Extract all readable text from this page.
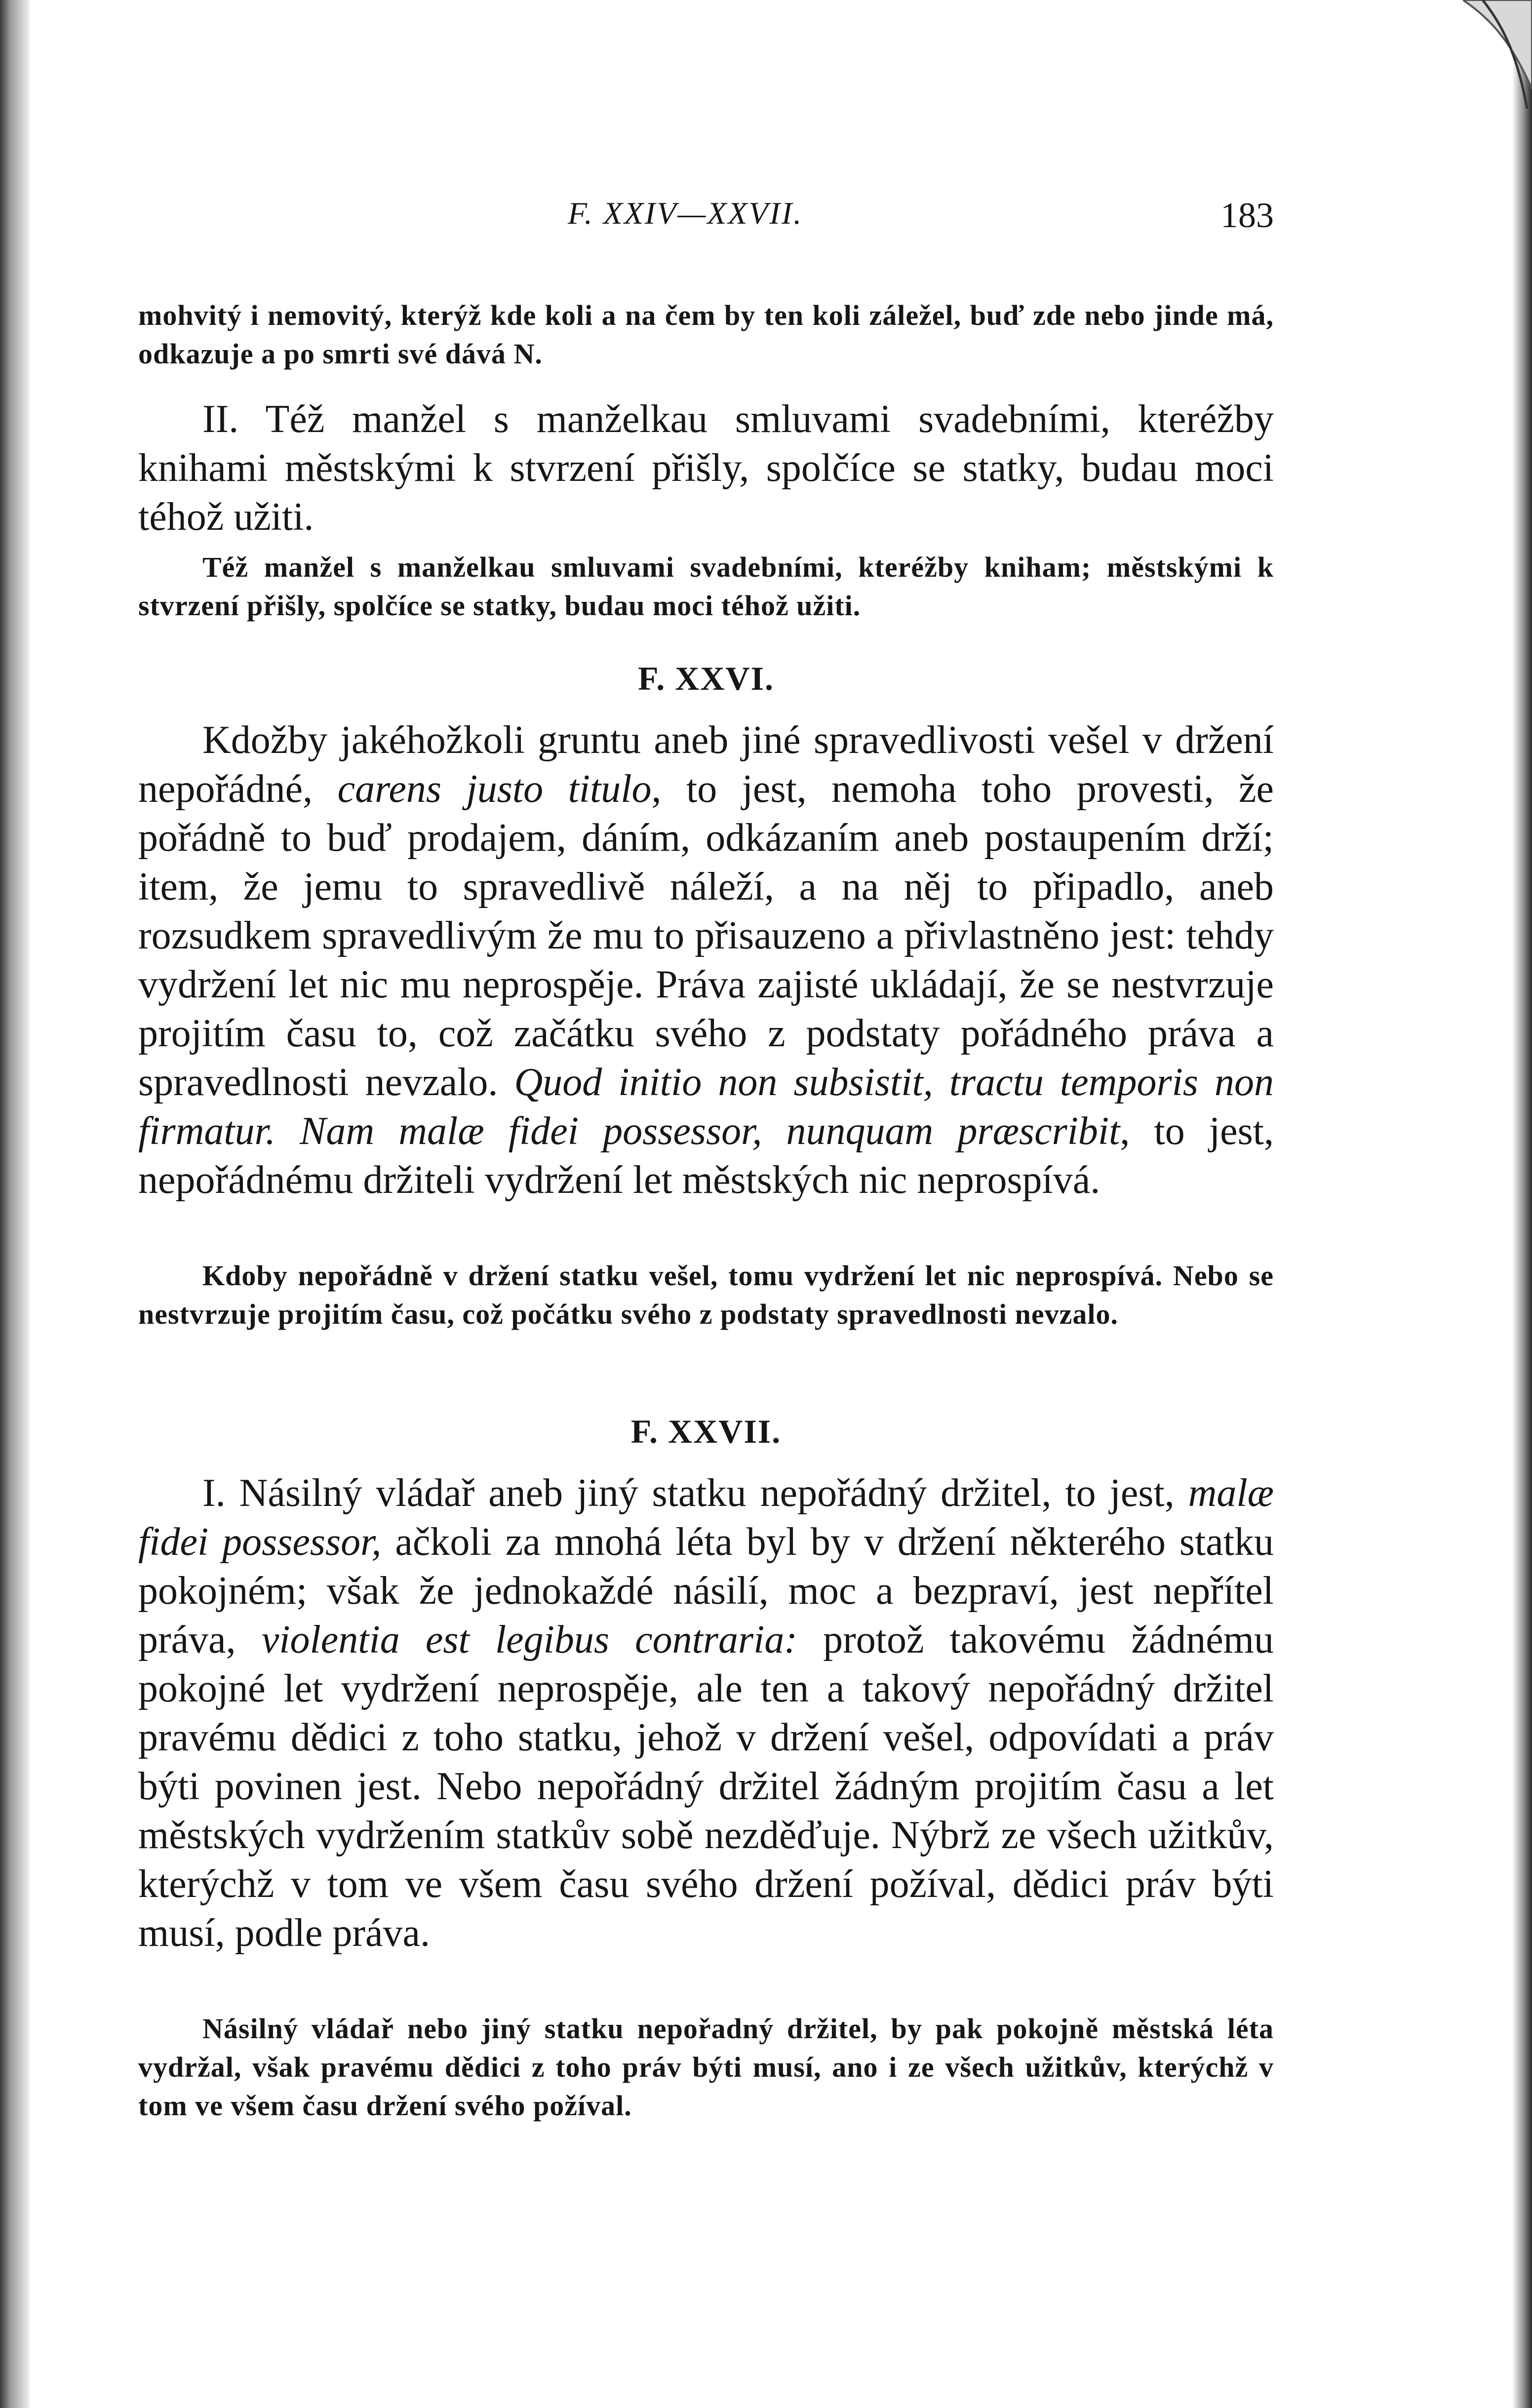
F. XXIV—XXVII.	183

mohvitý i nemovitý, kterýž kde koli a na čem by ten koli záležel, buď zde nebo jinde má, odkazuje a po smrti své dává N.

II. Též manžel s manželkau smluvami svadebními, kteréžby knihami městskými k stvrzení přišly, spolčíce se statky, budau moci téhož užiti.

Též manžel s manželkau smluvami svadebními, kteréžby kniham; městskými k stvrzení přišly, spolčíce se statky, budau moci téhož užiti.

F. XXVI.

Kdožby jakéhožkoli gruntu aneb jiné spravedlivosti vešel v držení nepořádné, carens justo titulo, to jest, nemoha toho provesti, že pořádně to buď prodajem, dáním, odkázaním aneb postaupením drží; item, že jemu to spravedlivě náleží, a na něj to připadlo, aneb rozsudkem spravedlivým že mu to přisauzeno a přivlastněno jest: tehdy vydržení let nic mu neprospěje. Práva zajisté ukládají, že se nestvrzuje projitím času to, což začátku svého z podstaty pořádného práva a spravedlnosti nevzalo. Quod initio non subsistit, tractu temporis non firmatur. Nam malæ fidei possessor, nunquam præscribit, to jest, nepořádnému držiteli vydržení let městských nic neprospívá.

Kdoby nepořádně v držení statku vešel, tomu vydržení let nic neprospívá. Nebo se nestvrzuje projitím času, což počátku svého z podstaty spravedlnosti nevzalo.

F. XXVII.

I. Násilný vládař aneb jiný statku nepořádný držitel, to jest, malæ fidei possessor, ačkoli za mnohá léta byl by v držení některého statku pokojném; však že jednokaždé násilí, moc a bezpraví, jest nepřítel práva, violentia est legibus contraria: protož takovému žádnému pokojné let vydržení neprospěje, ale ten a takový nepořádný držitel pravému dědici z toho statku, jehož v držení vešel, odpovídati a práv býti povinen jest. Nebo nepořádný držitel žádným projitím času a let městských vydržením statkův sobě nezděďuje. Nýbrž ze všech užitkův, kterýchž v tom ve všem času svého držení požíval, dědici práv býti musí, podle práva.

Násilný vládař nebo jiný statku nepořadný držitel, by pak pokojně městská léta vydržal, však pravému dědici z toho práv býti musí, ano i ze všech užitkův, kterýchž v tom ve všem času držení svého požíval.
